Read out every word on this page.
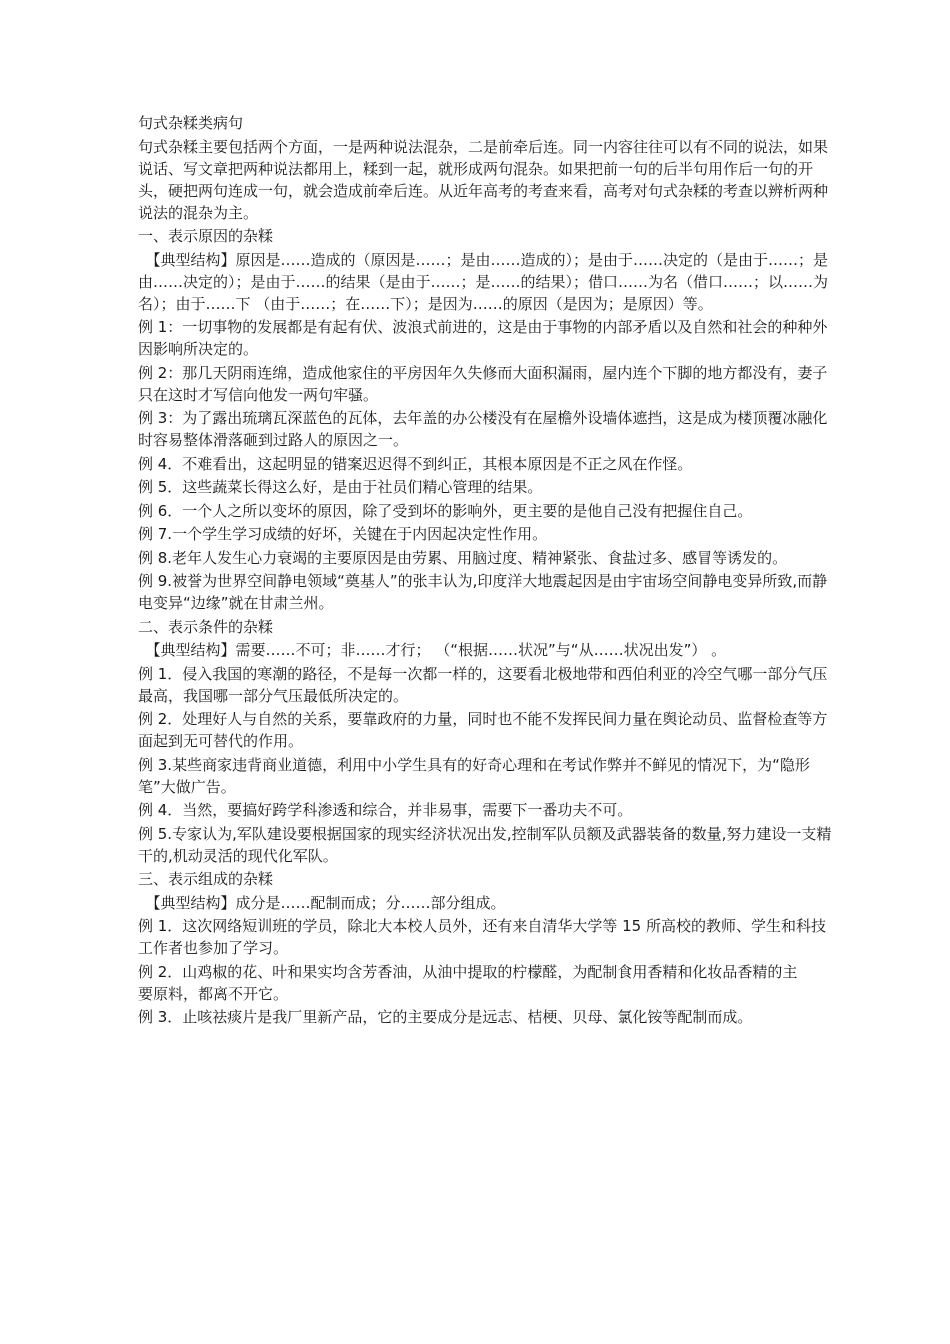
句式杂糅类病句

句式杂糅主要包括两个方面，一是两种说法混杂，二是前牵后连。同一内容往往可以有不同的说法，如果说话、写文章把两种说法都用上，糅到一起，就形成两句混杂。如果把前一句的后半句用作后一句的开头，硬把两句连成一句，就会造成前牵后连。从近年高考的考查来看，高考对句式杂糅的考查以辨析两种说法的混杂为主。

一、表示原因的杂糅

【典型结构】原因是……造成的（原因是……；是由……造成的）；是由于……决定的（是由于……；是由……决定的）；是由于……的结果（是由于……；是……的结果）；借口……为名（借口……；以……为名）；由于……下 （由于……；在……下）；是因为……的原因（是因为；是原因）等。

例 1：一切事物的发展都是有起有伏、波浪式前进的，这是由于事物的内部矛盾以及自然和社会的种种外因影响所决定的。

例 2：那几天阴雨连绵，造成他家住的平房因年久失修而大面积漏雨，屋内连个下脚的地方都没有，妻子只在这时才写信向他发一两句牢骚。

例 3：为了露出琉璃瓦深蓝色的瓦体，去年盖的办公楼没有在屋檐外设墙体遮挡，这是成为楼顶覆冰融化时容易整体滑落砸到过路人的原因之一。

例 4．不难看出，这起明显的错案迟迟得不到纠正，其根本原因是不正之风在作怪。

例 5．这些蔬菜长得这么好，是由于社员们精心管理的结果。

例 6．一个人之所以变坏的原因，除了受到坏的影响外，更主要的是他自己没有把握住自己。

例 7.一个学生学习成绩的好坏，关键在于内因起决定性作用。

例 8.老年人发生心力衰竭的主要原因是由劳累、用脑过度、精神紧张、食盐过多、感冒等诱发的。

例 9.被誉为世界空间静电领域“奠基人”的张丰认为,印度洋大地震起因是由宇宙场空间静电变异所致,而静电变异“边缘”就在甘肃兰州。

二、表示条件的杂糅

【典型结构】需要……不可；非……才行； （“根据……状况”与“从……状况出发”） 。

例 1．侵入我国的寒潮的路径，不是每一次都一样的，这要看北极地带和西伯利亚的冷空气哪一部分气压最高，我国哪一部分气压最低所决定的。

例 2．处理好人与自然的关系，要靠政府的力量，同时也不能不发挥民间力量在舆论动员、监督检查等方面起到无可替代的作用。

例 3.某些商家违背商业道德，利用中小学生具有的好奇心理和在考试作弊并不鲜见的情况下，为“隐形笔”大做广告。

例 4．当然，要搞好跨学科渗透和综合，并非易事，需要下一番功夫不可。

例 5.专家认为,军队建设要根据国家的现实经济状况出发,控制军队员额及武器装备的数量,努力建设一支精干的,机动灵活的现代化军队。

三、表示组成的杂糅

【典型结构】成分是……配制而成；分……部分组成。

例 1．这次网络短训班的学员，除北大本校人员外，还有来自清华大学等 15 所高校的教师、学生和科技工作者也参加了学习。

例 2．山鸡椒的花、叶和果实均含芳香油，从油中提取的柠檬醛，为配制食用香精和化妆品香精的主要原料，都离不开它。

例 3．止咳祛痰片是我厂里新产品，它的主要成分是远志、桔梗、贝母、氯化铵等配制而成。
